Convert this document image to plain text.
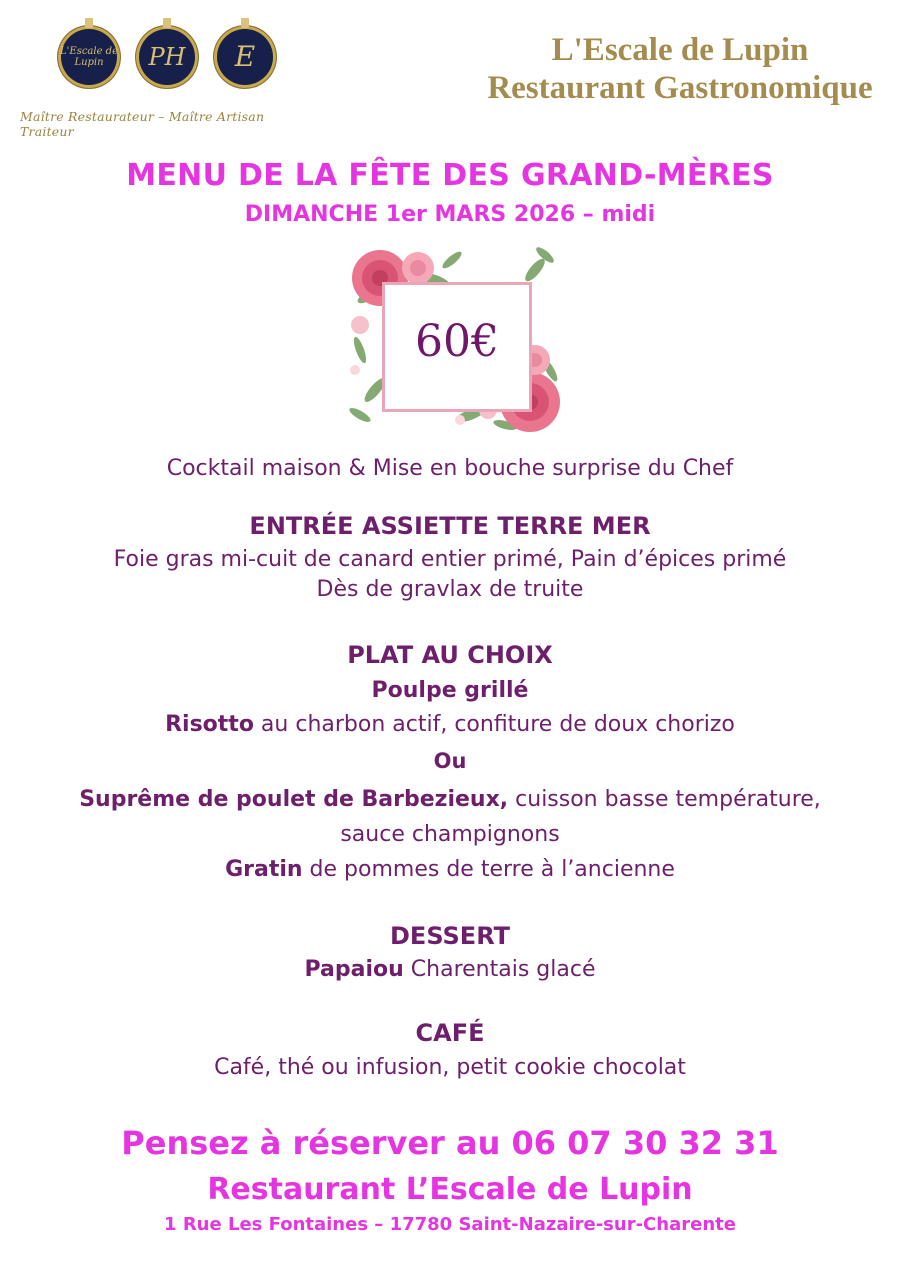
L'Escale de Lupin	PH E
Maître Restaurateur – Maître Artisan Traiteur
L'Escale de Lupin
Restaurant Gastronomique
MENU DE LA FÊTE DES GRAND-MÈRES
DIMANCHE 1er MARS 2026 – midi
60€
Cocktail maison & Mise en bouche surprise du Chef
ENTRÉE ASSIETTE TERRE MER
Foie gras mi-cuit de canard entier primé, Pain d’épices primé
Dès de gravlax de truite
PLAT AU CHOIX
Poulpe grillé
Risotto au charbon actif, confiture de doux chorizo
Ou
Suprême de poulet de Barbezieux, cuisson basse température,
sauce champignons
Gratin de pommes de terre à l’ancienne
DESSERT
Papaiou Charentais glacé
CAFÉ
Café, thé ou infusion, petit cookie chocolat
Pensez à réserver au 06 07 30 32 31
Restaurant L’Escale de Lupin
1 Rue Les Fontaines – 17780 Saint-Nazaire-sur-Charente
